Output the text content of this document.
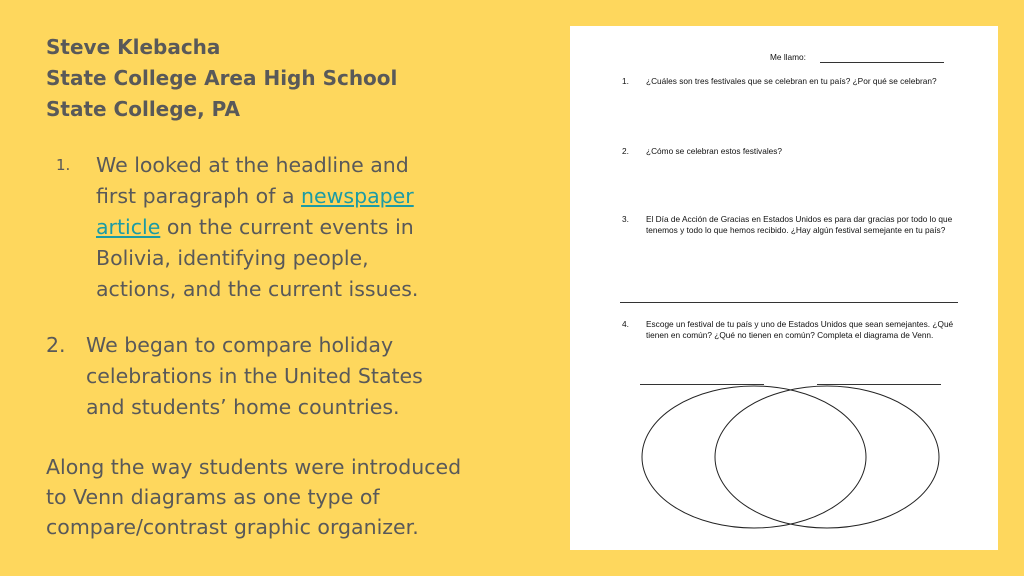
Steve Klebacha
State College Area High School
State College, PA
1. We looked at the headline and first paragraph of a newspaper article on the current events in Bolivia, identifying people, actions, and the current issues.
2. We began to compare holiday celebrations in the United States and students’ home countries.
Along the way students were introduced to Venn diagrams as one type of compare/contrast graphic organizer.
Me llamo:
1. ¿Cuáles son tres festivales que se celebran en tu país? ¿Por qué se celebran?
2. ¿Cómo se celebran estos festivales?
3. El Día de Acción de Gracias en Estados Unidos es para dar gracias por todo lo que tenemos y todo lo que hemos recibido. ¿Hay algún festival semejante en tu país?
4. Escoge un festival de tu país y uno de Estados Unidos que sean semejantes. ¿Qué tienen en común? ¿Qué no tienen en común? Completa el diagrama de Venn.
